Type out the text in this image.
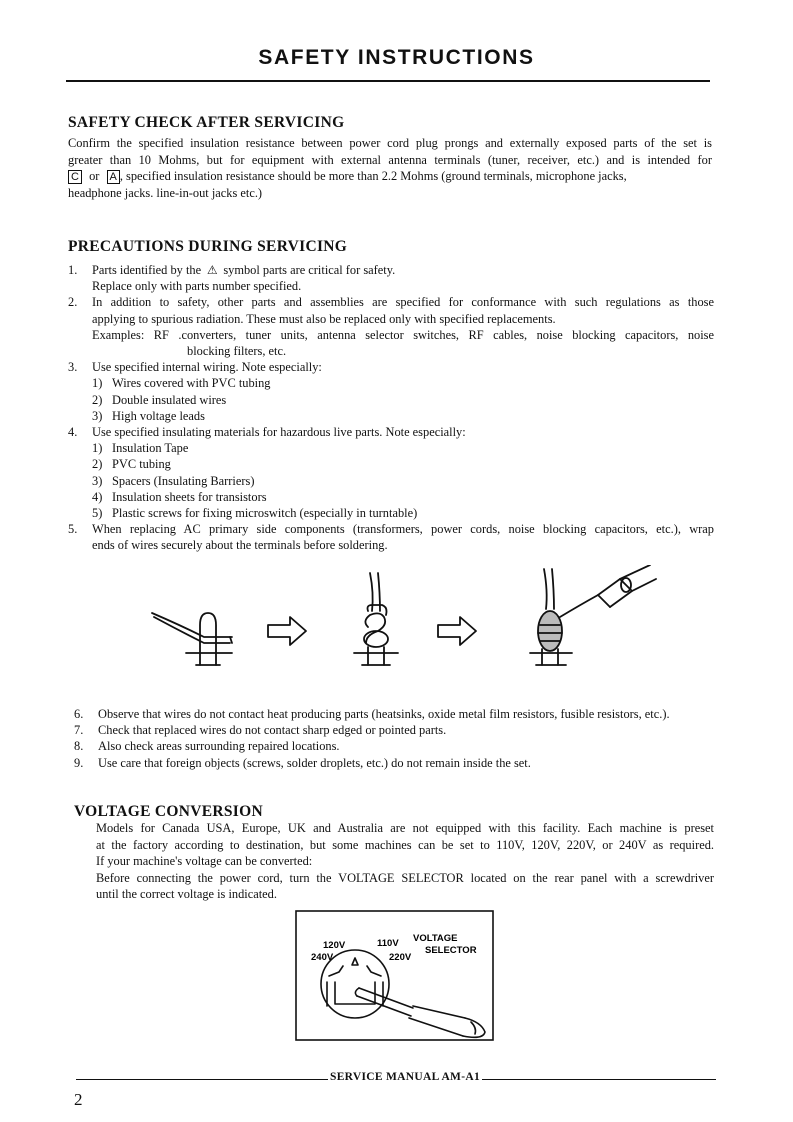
SAFETY INSTRUCTIONS
SAFETY CHECK AFTER SERVICING
Confirm the specified insulation resistance between power cord plug prongs and externally exposed parts of the set is
greater than 10 Mohms, but for equipment with external antenna terminals (tuner, receiver, etc.) and is intended for
C or A , specified insulation resistance should be more than 2.2 Mohms (ground terminals, microphone jacks,
headphone jacks. line-in-out jacks etc.)
PRECAUTIONS DURING SERVICING
1. Parts identified by the ⚠ symbol parts are critical for safety.
Replace only with parts number specified.
2. In addition to safety, other parts and assemblies are specified for conformance with such regulations as those
applying to spurious radiation. These must also be replaced only with specified replacements.
Examples: RF .converters, tuner units, antenna selector switches, RF cables, noise blocking capacitors, noise
blocking filters, etc.
3. Use specified internal wiring. Note especially:
1) Wires covered with PVC tubing
2) Double insulated wires
3) High voltage leads
4. Use specified insulating materials for hazardous live parts. Note especially:
1) Insulation Tape
2) PVC tubing
3) Spacers (Insulating Barriers)
4) Insulation sheets for transistors
5) Plastic screws for fixing microswitch (especially in turntable)
5. When replacing AC primary side components (transformers, power cords, noise blocking capacitors, etc.), wrap
ends of wires securely about the terminals before soldering.
6. Observe that wires do not contact heat producing parts (heatsinks, oxide metal film resistors, fusible resistors, etc.).
7. Check that replaced wires do not contact sharp edged or pointed parts.
8. Also check areas surrounding repaired locations.
9. Use care that foreign objects (screws, solder droplets, etc.) do not remain inside the set.
VOLTAGE CONVERSION
Models for Canada USA, Europe, UK and Australia are not equipped with this facility. Each machine is preset
at the factory according to destination, but some machines can be set to 110V, 120V, 220V, or 240V as required.
If your machine's voltage can be converted:
Before connecting the power cord, turn the VOLTAGE SELECTOR located on the rear panel with a screwdriver
until the correct voltage is indicated.
120V	110V
240V	220V
VOLTAGE
SELECTOR
SERVICE MANUAL AM-A1
2
